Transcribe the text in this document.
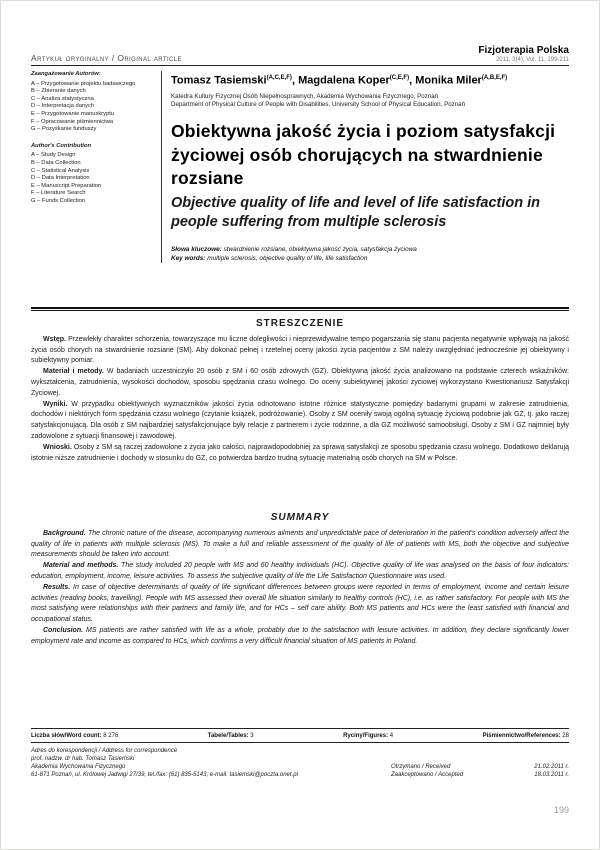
Artykuł oryginalny / Original article
Fizjoterapia Polska
2011; 3(4); Vol. 11, 199-211
Zaangażowanie Autorów:
A – Przygotowanie projektu badawczego
B – Zbieranie danych
C – Analiza statystyczna
D – Interpretacja danych
E – Przygotowanie manuskryptu
F – Opracowanie piśmiennictwa
G – Pozyskanie funduszy
Author's Contribution
A – Study Design
B – Data Collection
C – Statistical Analysis
D – Data Interpretation
E – Manuscript Preparation
F – Literature Search
G – Funds Collection
Tomasz Tasiemski$^{(A,C,E,F)}$, Magdalena Koper$^{(C,E,F)}$, Monika Miler$^{(A,B,E,F)}$
Katedra Kultury Fizycznej Osób Niepełnosprawnych, Akademia Wychowania Fizycznego, Poznań
Department of Physical Culture of People with Disabilities, University School of Physical Education, Poznań
Obiektywna jakość życia i poziom satysfakcji życiowej osób chorujących na stwardnienie rozsiane
Objective quality of life and level of life satisfaction in people suffering from multiple sclerosis
Słowa kluczowe: stwardnienie rozsiane, obiektywna jakość życia, satysfakcja życiowa
Key words: multiple sclerosis, objective quality of life, life satisfaction
STRESZCZENIE

Wstęp. Przewlekły charakter schorzenia, towarzyszące mu liczne dolegliwości i nieprzewidywalne tempo pogarszania się stanu pacjenta negatywnie wpływają na jakość życia osób chorych na stwardnienie rozsiane (SM). Aby dokonać pełnej i rzetelnej oceny jakości życia pacjentów z SM należy uwzględniać jednocześnie jej obiektywny i subiektywny pomiar.

Materiał i metody. W badaniach uczestniczyło 20 osób z SM i 60 osób zdrowych (GZ). Obiektywną jakość życia analizowano na podstawie czterech wskaźników: wykształcenia, zatrudnienia, wysokości dochodów, sposobu spędzania czasu wolnego. Do oceny subiektywnej jakości życiowej wykorzystano Kwestionariusz Satysfakcji Życiowej.

Wyniki. W przypadku obiektywnych wyznaczników jakości życia odnotowano istotne różnice statystyczne pomiędzy badanymi grupami w zakresie zatrudnienia, dochodów i niektórych form spędzania czasu wolnego (czytanie książek, podróżowanie). Osoby z SM oceniły swoją ogólną sytuację życiową podobnie jak GZ, tj. jako raczej satysfakcjonującą. Dla osób z SM najbardziej satysfakcjonujące były relacje z partnerem i życie rodzinne, a dla GZ możliwość samoobsługi. Osoby z SM i GZ najmniej były zadowolone z sytuacji finansowej i zawodowej.

Wnioski. Osoby z SM są raczej zadowolone z życia jako całości, najprawdopodobniej za sprawą satysfakcji ze sposobu spędzania czasu wolnego. Dodatkowo deklarują istotnie niższe zatrudnienie i dochody w stosunku do GZ, co potwierdza bardzo trudną sytuację materialną osób chorych na SM w Polsce.

SUMMARY

Background. The chronic nature of the disease, accompanying numerous ailments and unpredictable pace of deterioration in the patient's condition adversely affect the quality of life in patients with multiple sclerosis (MS). To make a full and reliable assessment of the quality of life of patients with MS, both the objective and subjective measurements should be taken into account.

Material and methods. The study included 20 people with MS and 60 healthy individuals (HC). Objective quality of life was analysed on the basis of four indicators: education, employment, income, leisure activities. To assess the subjective quality of life the Life Satisfaction Questionnaire was used.

Results. In case of objective determinants of quality of life significant differences between groups were reported in terms of employment, income and certain leisure activities (reading books, travelling). People with MS assessed their overall life situation similarly to healthy controls (HC), i.e. as rather satisfactory. For people with MS the most satisfying were relationships with their partners and family life, and for HCs – self care ability. Both MS patients and HCs were the least satisfied with financial and occupational status.

Conclusion. MS patients are rather satisfied with life as a whole, probably due to the satisfaction with leisure activities. In addition, they declare significantly lower employment rate and income as compared to HCs, which confirms a very difficult financial situation of MS patients in Poland.

Liczba słów/Word count: 8 276	Tabele/Tables: 3	Ryciny/Figures: 4	Piśmiennictwo/References: 28
Adres do korespondencji / Address for correspondence
prof. nadzw. dr hab. Tomasz Tasiemski
Akademia Wychowania Fizycznego
61-871 Poznań, ul. Królowej Jadwigi 27/39, tel./fax: (61) 835-5143, e-mail: tasiemski@poczta.onet.pl
Otrzymano / Received	21.02.2011 r.
Zaakceptowano / Accepted	18.03.2011 r.
199
